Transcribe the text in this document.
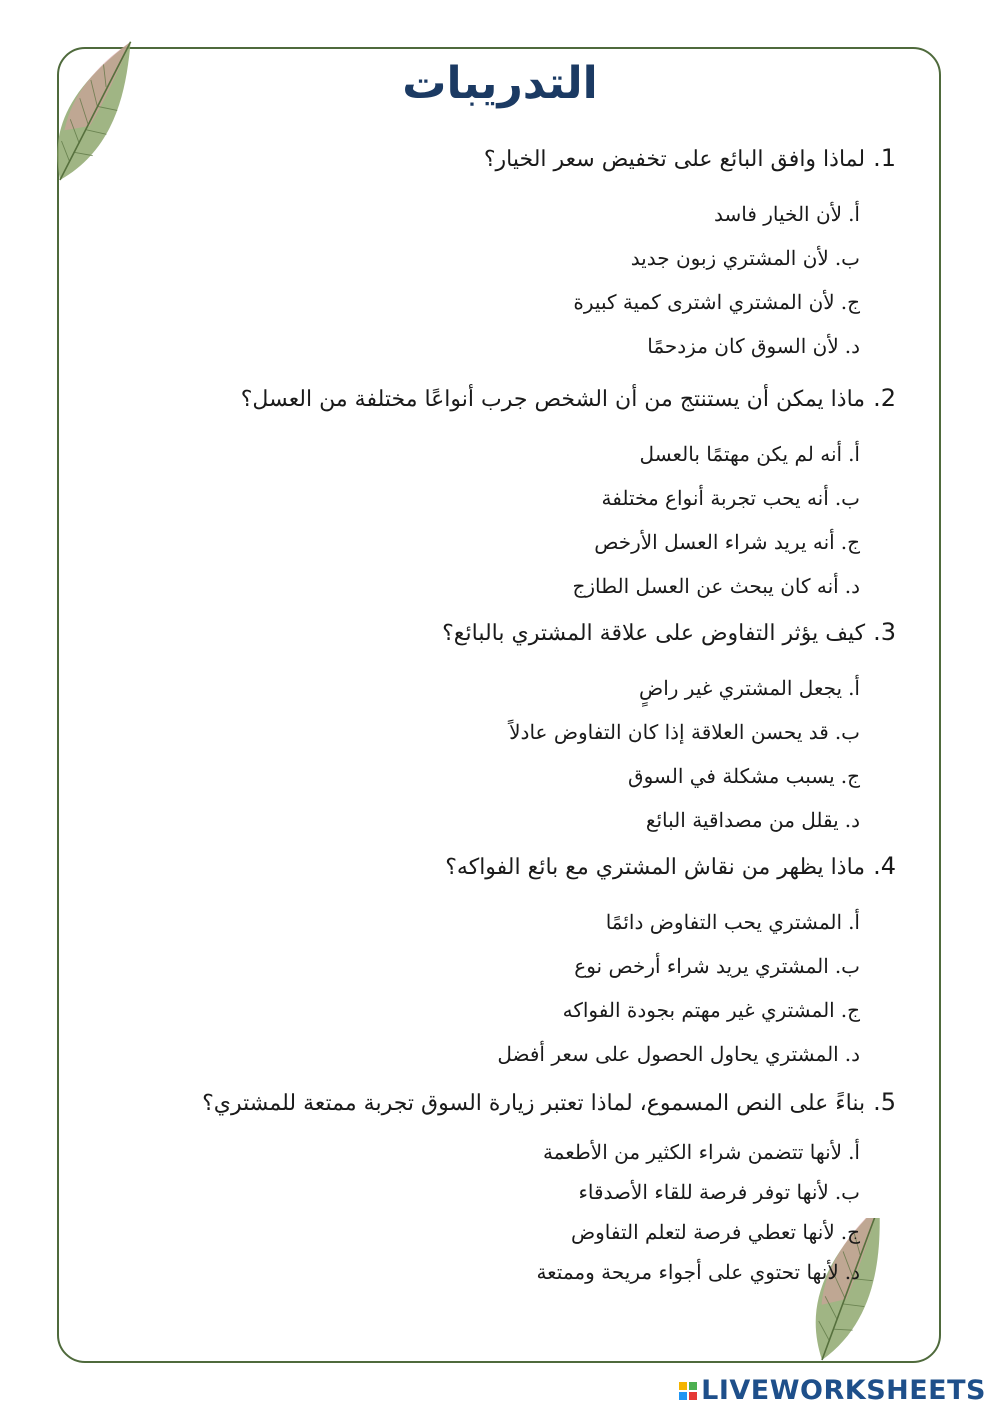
التدريبات
1.لماذا وافق البائع على تخفيض سعر الخيار؟
أ.لأن الخيار فاسد
ب.لأن المشتري زبون جديد
ج.لأن المشتري اشترى كمية كبيرة
د.لأن السوق كان مزدحمًا
2.ماذا يمكن أن يستنتج من أن الشخص جرب أنواعًا مختلفة من العسل؟
أ.أنه لم يكن مهتمًا بالعسل
ب.أنه يحب تجربة أنواع مختلفة
ج.أنه يريد شراء العسل الأرخص
د.أنه كان يبحث عن العسل الطازج
3.كيف يؤثر التفاوض على علاقة المشتري بالبائع؟
أ.يجعل المشتري غير راضٍ
ب.قد يحسن العلاقة إذا كان التفاوض عادلاً
ج.يسبب مشكلة في السوق
د.يقلل من مصداقية البائع
4.ماذا يظهر من نقاش المشتري مع بائع الفواكه؟
أ.المشتري يحب التفاوض دائمًا
ب.المشتري يريد شراء أرخص نوع
ج.المشتري غير مهتم بجودة الفواكه
د.المشتري يحاول الحصول على سعر أفضل
5.بناءً على النص المسموع، لماذا تعتبر زيارة السوق تجربة ممتعة للمشتري؟
أ.لأنها تتضمن شراء الكثير من الأطعمة
ب.لأنها توفر فرصة للقاء الأصدقاء
ج.لأنها تعطي فرصة لتعلم التفاوض
د.لأنها تحتوي على أجواء مريحة وممتعة
LIVEWORKSHEETS
